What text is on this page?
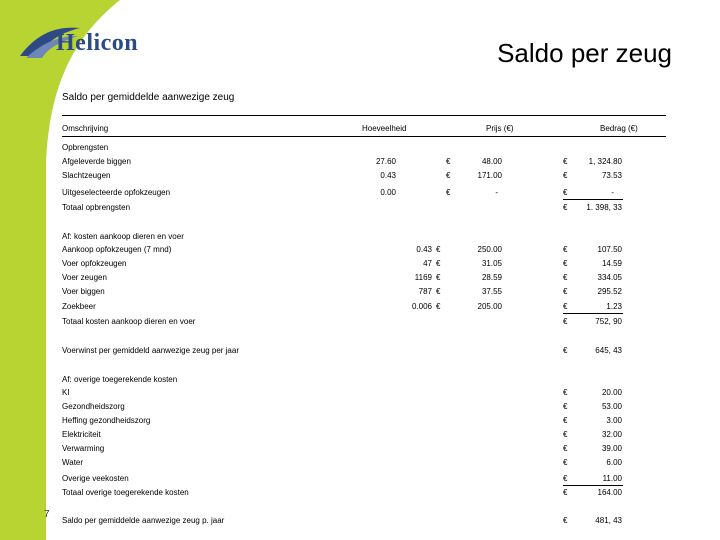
Helicon	Saldo per zeug
Saldo per gemiddelde aanwezige zeug
Omschrijving	Hoeveelheid	Prijs (€)	Bedrag (€)
Opbrengsten
Afgeleverde biggen	27.60	€	48.00	€	1, 324.80
Slachtzeugen	0.43	€	171.00	€	73.53
Uitgeselecteerde opfokzeugen	0.00	€	-	€	-
Totaal opbrengsten	€	1. 398, 33
Af: kosten aankoop dieren en voer
Aankoop opfokzeugen (7 mnd)	0.43 €	250.00	€	107.50
Voer opfokzeugen	47 €	31.05	€	14.59
Voer zeugen	1169 €	28.59	€	334.05
Voer biggen	787 €	37.55	€	295.52
Zoekbeer	0.006 €	205.00	€	1.23
Totaal kosten aankoop dieren en voer	€	752, 90
Voerwinst per gemiddeld aanwezige zeug per jaar	€	645, 43
Af: overige toegerekende kosten
KI	€	20.00
Gezondheidszorg	€	53.00
Heffing gezondheidszorg	€	3.00
Elektriciteit	€	32.00
Verwarming	€	39.00
Water	€	6.00
Overige veekosten	€	11.00
Totaal overige toegerekende kosten	€	164.00
Saldo per gemiddelde aanwezige zeug p. jaar	€	481, 43
7
